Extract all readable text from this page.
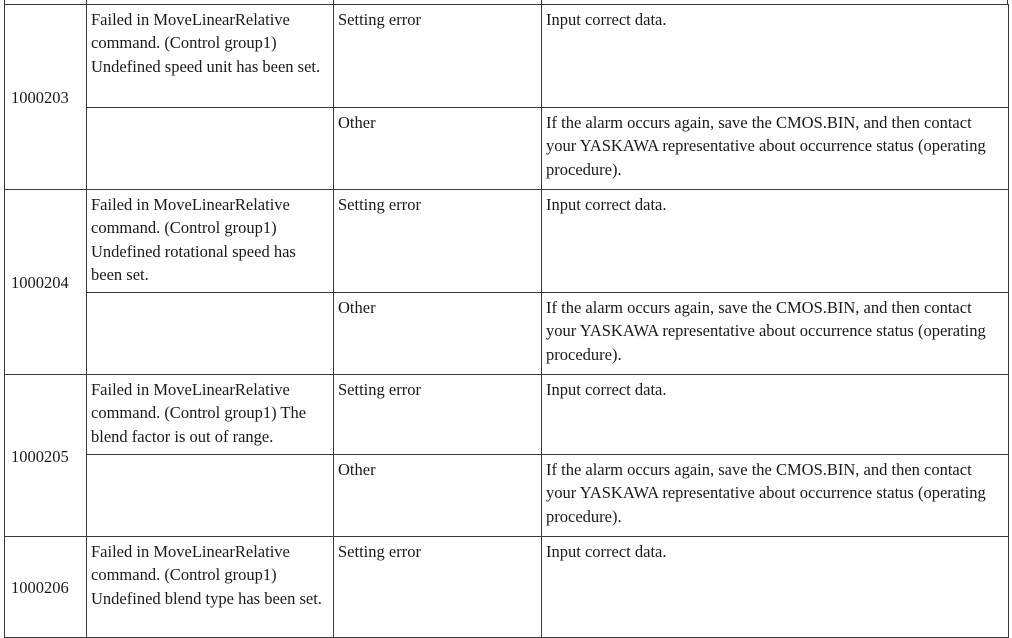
1000203	Failed in MoveLinearRelative command. (Control group1) Undefined speed unit has been set.	Setting error	Input correct data.
		Other	If the alarm occurs again, save the CMOS.BIN, and then contact your YASKAWA representative about occurrence status (operating procedure).
1000204	Failed in MoveLinearRelative command. (Control group1) Undefined rotational speed has been set.	Setting error	Input correct data.
		Other	If the alarm occurs again, save the CMOS.BIN, and then contact your YASKAWA representative about occurrence status (operating procedure).
1000205	Failed in MoveLinearRelative command. (Control group1) The blend factor is out of range.	Setting error	Input correct data.
		Other	If the alarm occurs again, save the CMOS.BIN, and then contact your YASKAWA representative about occurrence status (operating procedure).
1000206	Failed in MoveLinearRelative command. (Control group1) Undefined blend type has been set.	Setting error	Input correct data.
